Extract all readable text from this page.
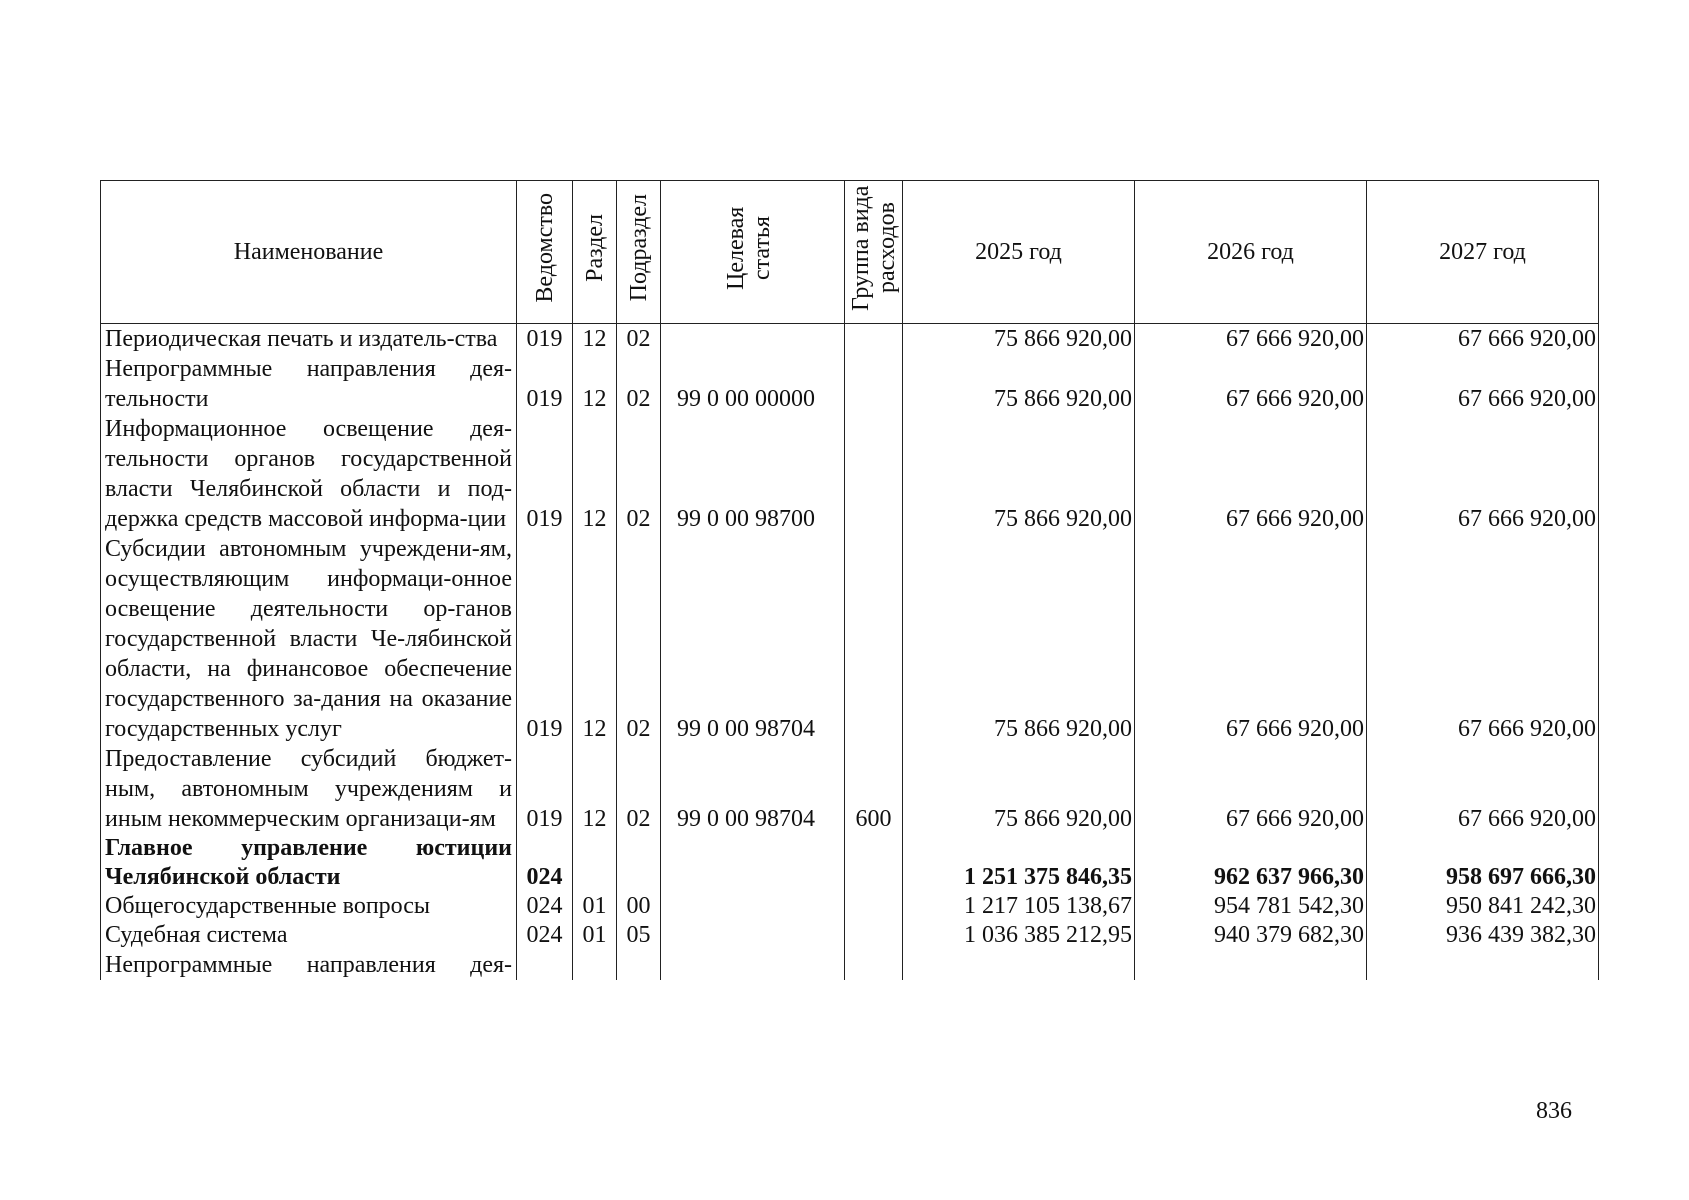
Наименование	Ведомство	Раздел	Подраздел	Целевая статья	Группа вида расходов	2025 год	2026 год	2027 год
Периодическая печать и издатель-ства	019	12	02			75 866 920,00	67 666 920,00	67 666 920,00
Непрограммные направления дея-тельности	019	12	02	99 0 00 00000		75 866 920,00	67 666 920,00	67 666 920,00
Информационное освещение дея-тельности органов государственной власти Челябинской области и под-держка средств массовой информа-ции	019	12	02	99 0 00 98700		75 866 920,00	67 666 920,00	67 666 920,00
Субсидии автономным учреждени-ям, осуществляющим информаци-онное освещение деятельности ор-ганов государственной власти Че-лябинской области, на финансовое обеспечение государственного за-дания на оказание государственных услуг	019	12	02	99 0 00 98704		75 866 920,00	67 666 920,00	67 666 920,00
Предоставление субсидий бюджет-ным, автономным учреждениям и иным некоммерческим организаци-ям	019	12	02	99 0 00 98704	600	75 866 920,00	67 666 920,00	67 666 920,00
Главное управление юстиции Челябинской области	024					1 251 375 846,35	962 637 966,30	958 697 666,30
Общегосударственные вопросы	024	01	00			1 217 105 138,67	954 781 542,30	950 841 242,30
Судебная система	024	01	05			1 036 385 212,95	940 379 682,30	936 439 382,30
Непрограммные направления дея-								
836
